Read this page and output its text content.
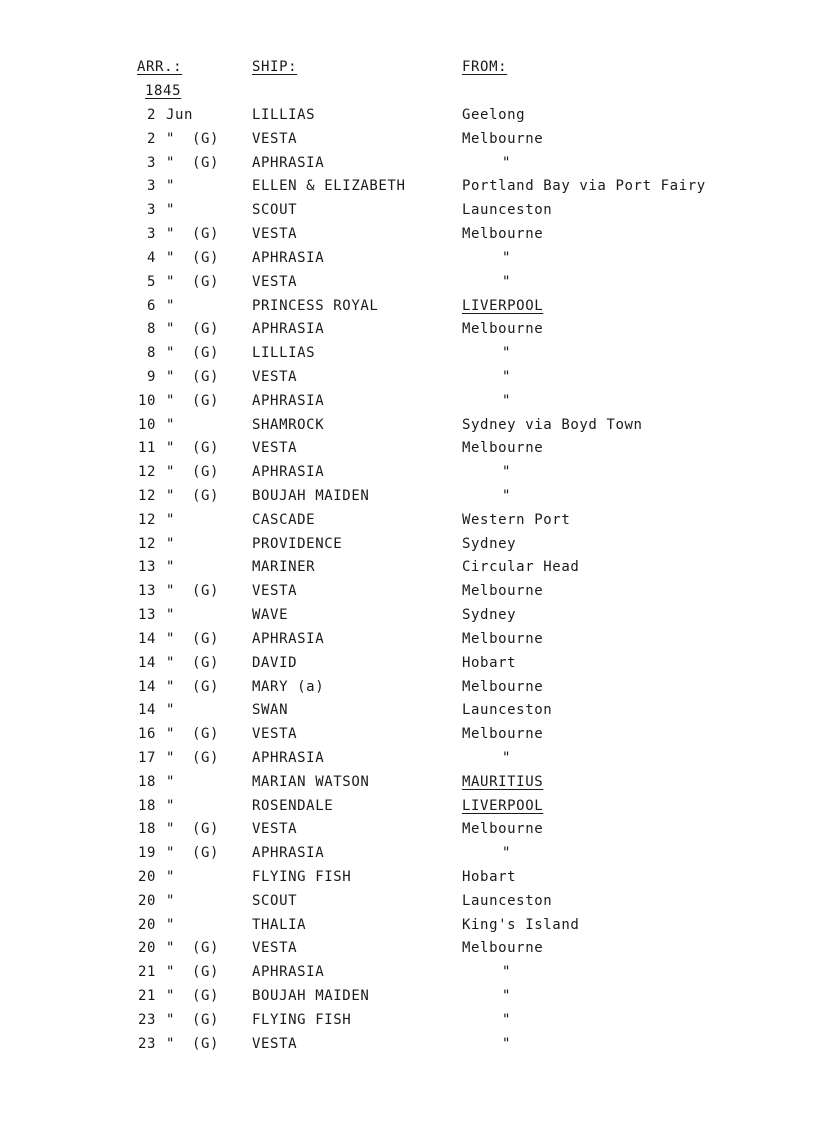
ARR.:	SHIP:	FROM:
1845
2 Jun	LILLIAS	Geelong
2 " (G) VESTA	Melbourne
3 " (G) APHRASIA	"
3 "	ELLEN & ELIZABETH	Portland Bay via Port Fairy
3 "	SCOUT	Launceston
3 " (G) VESTA	Melbourne
4 " (G) APHRASIA	"
5 " (G) VESTA	"
6 "	PRINCESS ROYAL	LIVERPOOL
8 " (G) APHRASIA	Melbourne
8 " (G) LILLIAS	"
9 " (G) VESTA	"
10 " (G) APHRASIA	"
10 "	SHAMROCK	Sydney via Boyd Town
11 " (G) VESTA	Melbourne
12 " (G) APHRASIA	"
12 " (G) BOUJAH MAIDEN	"
12 "	CASCADE	Western Port
12 "	PROVIDENCE	Sydney
13 "	MARINER	Circular Head
13 " (G) VESTA	Melbourne
13 "	WAVE	Sydney
14 " (G) APHRASIA	Melbourne
14 " (G) DAVID	Hobart
14 " (G) MARY (a)	Melbourne
14 "	SWAN	Launceston
16 " (G) VESTA	Melbourne
17 " (G) APHRASIA	"
18 "	MARIAN WATSON	MAURITIUS
18 "	ROSENDALE	LIVERPOOL
18 " (G) VESTA	Melbourne
19 " (G) APHRASIA	"
20 "	FLYING FISH	Hobart
20 "	SCOUT	Launceston
20 "	THALIA	King's Island
20 " (G) VESTA	Melbourne
21 " (G) APHRASIA	"
21 " (G) BOUJAH MAIDEN	"
23 " (G) FLYING FISH	"
23 " (G) VESTA	"
